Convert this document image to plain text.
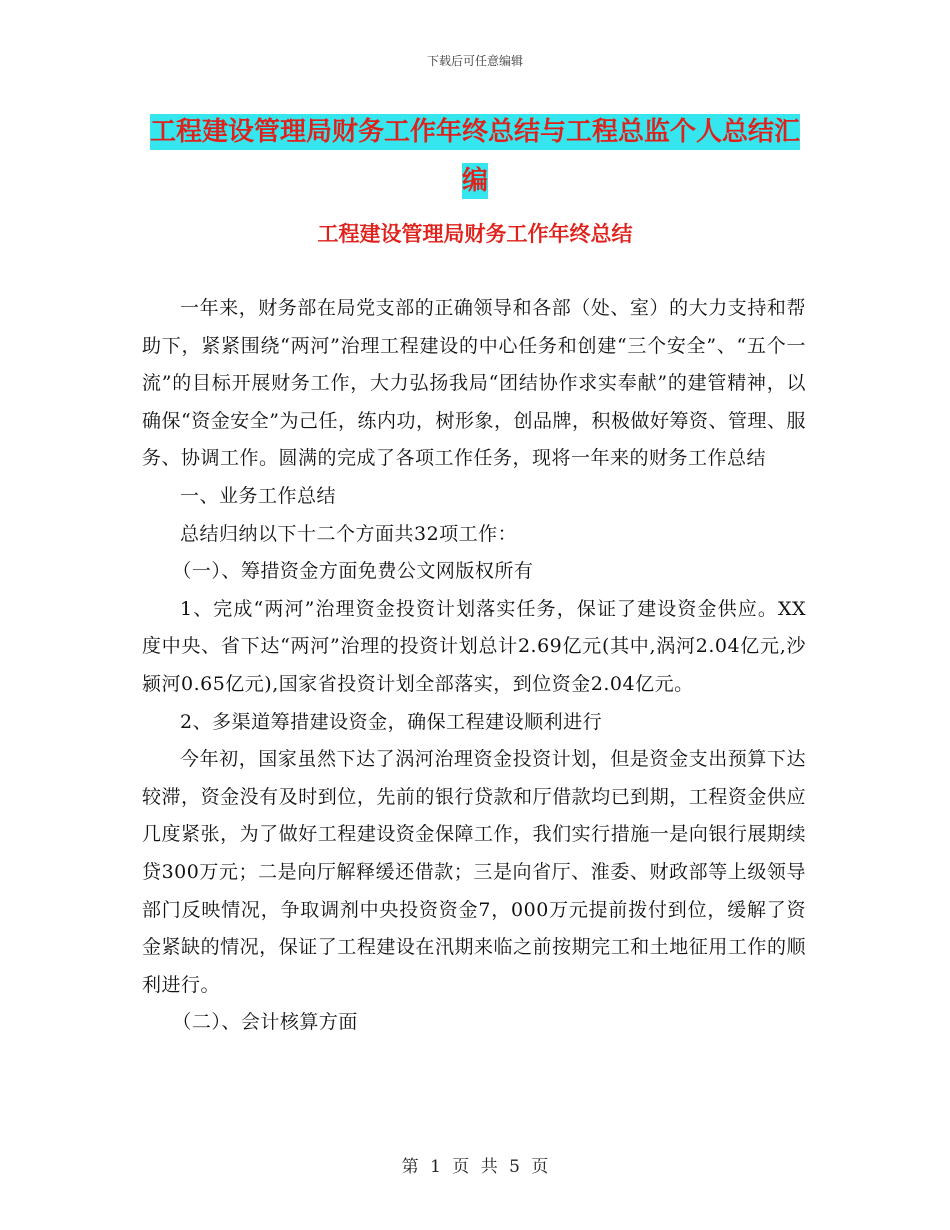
下载后可任意编辑
工程建设管理局财务工作年终总结与工程总监个人总结汇编
工程建设管理局财务工作年终总结

一年来，财务部在局党支部的正确领导和各部（处、室）的大力支持和帮助下，紧紧围绕“两河”治理工程建设的中心任务和创建“三个安全”、“五个一流”的目标开展财务工作，大力弘扬我局“团结协作求实奉献”的建管精神，以确保“资金安全”为己任，练内功，树形象，创品牌，积极做好筹资、管理、服务、协调工作。圆满的完成了各项工作任务，现将一年来的财务工作总结

一、业务工作总结

总结归纳以下十二个方面共32项工作：

（一）、筹措资金方面免费公文网版权所有

1、完成“两河”治理资金投资计划落实任务，保证了建设资金供应。XX度中央、省下达“两河”治理的投资计划总计2.69亿元(其中,涡河2.04亿元,沙颍河0.65亿元),国家省投资计划全部落实，到位资金2.04亿元。

2、多渠道筹措建设资金，确保工程建设顺利进行

今年初，国家虽然下达了涡河治理资金投资计划，但是资金支出预算下达较滞，资金没有及时到位，先前的银行贷款和厅借款均已到期，工程资金供应几度紧张，为了做好工程建设资金保障工作，我们实行措施一是向银行展期续贷300万元；二是向厅解释缓还借款；三是向省厅、淮委、财政部等上级领导部门反映情况，争取调剂中央投资资金7，000万元提前拨付到位，缓解了资金紧缺的情况，保证了工程建设在汛期来临之前按期完工和土地征用工作的顺利进行。

（二）、会计核算方面

第 1 页 共 5 页
